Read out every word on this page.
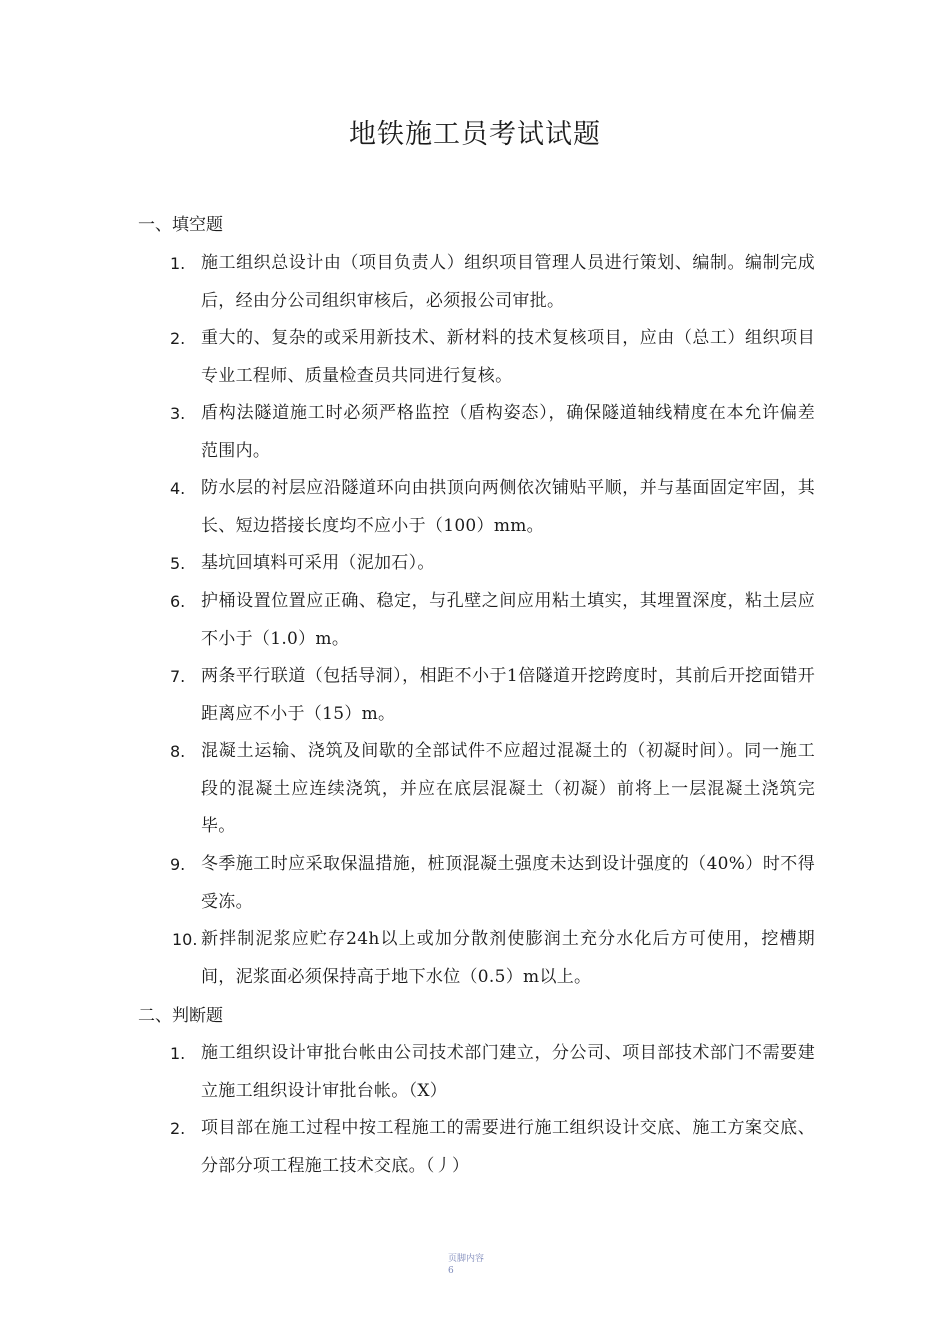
地铁施工员考试试题
一、填空题
1. 施工组织总设计由（项目负责人）组织项目管理人员进行策划、编制。编制完成后，经由分公司组织审核后，必须报公司审批。
2. 重大的、复杂的或采用新技术、新材料的技术复核项目，应由（总工）组织项目专业工程师、质量检查员共同进行复核。
3. 盾构法隧道施工时必须严格监控（盾构姿态），确保隧道轴线精度在本允许偏差范围内。
4. 防水层的衬层应沿隧道环向由拱顶向两侧依次铺贴平顺，并与基面固定牢固，其长、短边搭接长度均不应小于（100）mm。
5. 基坑回填料可采用（泥加石）。
6. 护桶设置位置应正确、稳定，与孔壁之间应用粘土填实，其埋置深度，粘土层应不小于（1.0）m。
7. 两条平行联道（包括导洞），相距不小于1倍隧道开挖跨度时，其前后开挖面错开距离应不小于（15）m。
8. 混凝土运输、浇筑及间歇的全部试件不应超过混凝土的（初凝时间）。同一施工段的混凝土应连续浇筑，并应在底层混凝土（初凝）前将上一层混凝土浇筑完毕。
9. 冬季施工时应采取保温措施，桩顶混凝土强度未达到设计强度的（40%）时不得受冻。
10. 新拌制泥浆应贮存24h以上或加分散剂使膨润土充分水化后方可使用，挖槽期间，泥浆面必须保持高于地下水位（0.5）m以上。
二、判断题
1. 施工组织设计审批台帐由公司技术部门建立，分公司、项目部技术部门不需要建立施工组织设计审批台帐。（X）
2. 项目部在施工过程中按工程施工的需要进行施工组织设计交底、施工方案交底、分部分项工程施工技术交底。（丿）
页脚内容6
